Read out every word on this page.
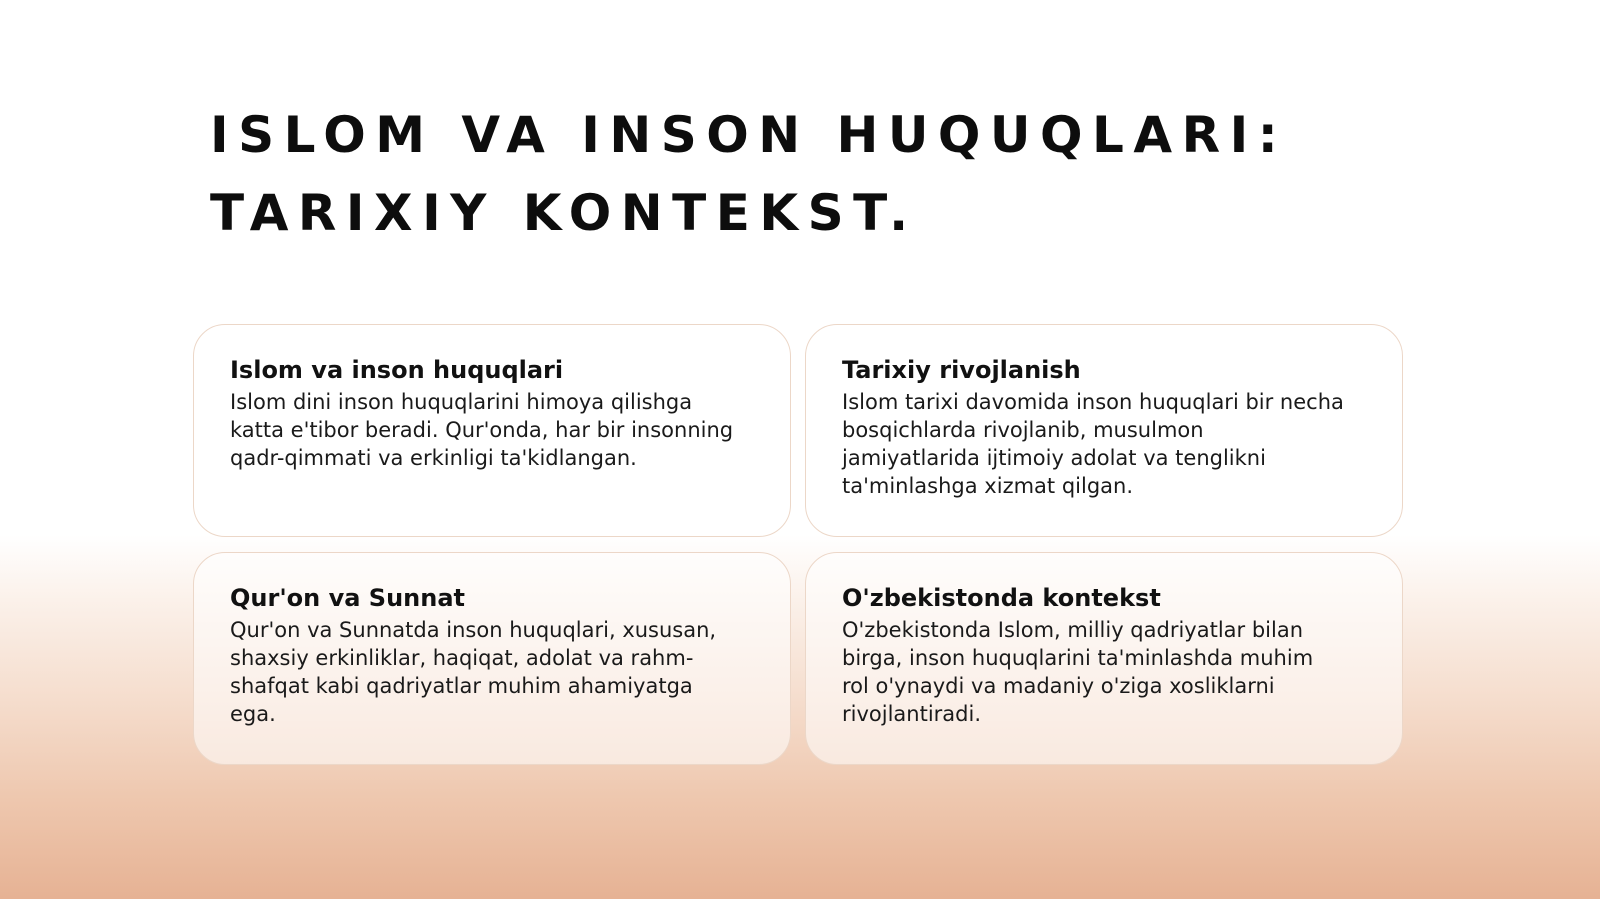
ISLOM VA INSON HUQUQLARI:
TARIXIY KONTEKST.
Islom va inson huquqlari

Islom dini inson huquqlarini himoya qilishga
katta e'tibor beradi. Qur'onda, har bir insonning
qadr-qimmati va erkinligi ta'kidlangan.

Tarixiy rivojlanish

Islom tarixi davomida inson huquqlari bir necha
bosqichlarda rivojlanib, musulmon
jamiyatlarida ijtimoiy adolat va tenglikni
ta'minlashga xizmat qilgan.

Qur'on va Sunnat

Qur'on va Sunnatda inson huquqlari, xususan,
shaxsiy erkinliklar, haqiqat, adolat va rahm-
shafqat kabi qadriyatlar muhim ahamiyatga
ega.

O'zbekistonda kontekst

O'zbekistonda Islom, milliy qadriyatlar bilan
birga, inson huquqlarini ta'minlashda muhim
rol o'ynaydi va madaniy o'ziga xosliklarni
rivojlantiradi.
